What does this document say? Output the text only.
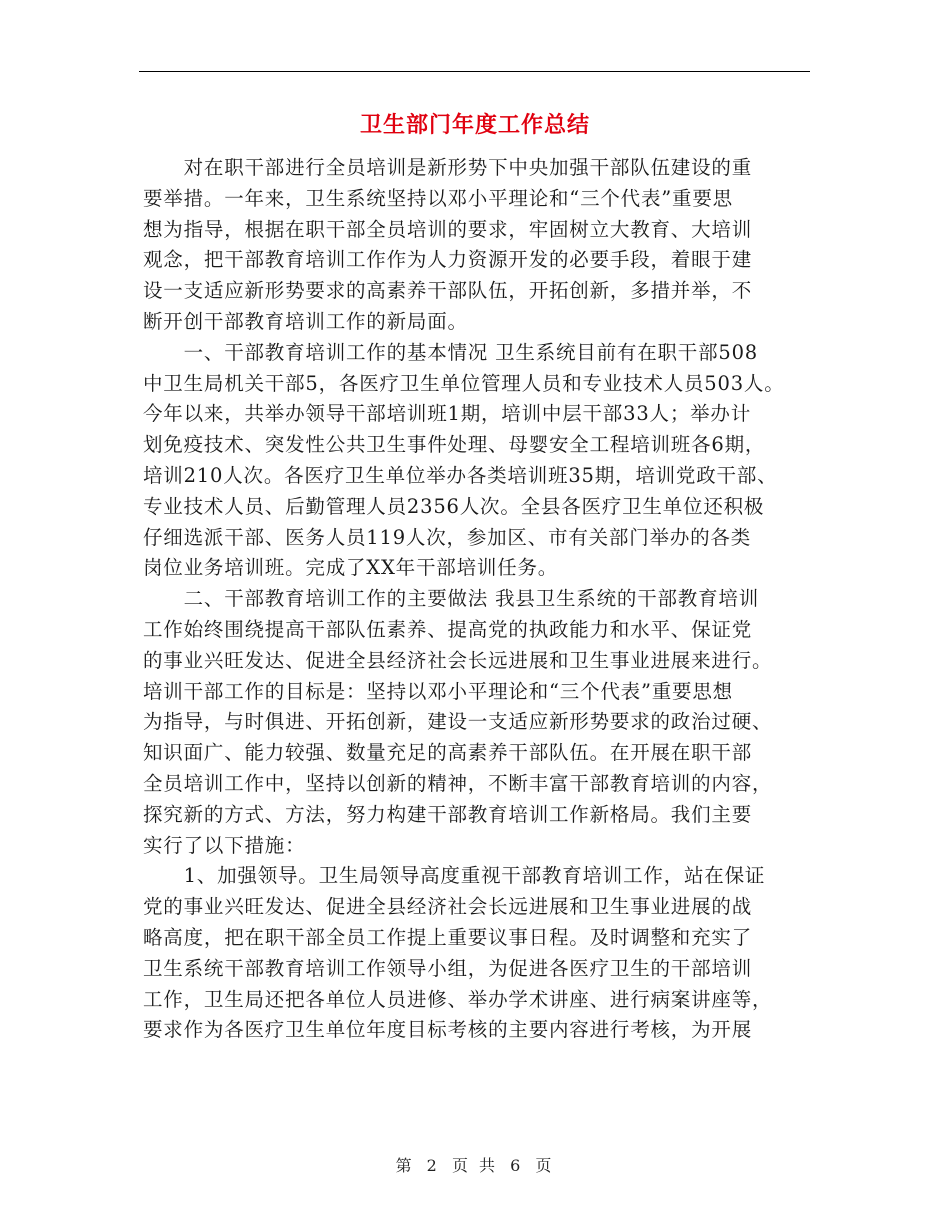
卫生部门年度工作总结
　　对在职干部进行全员培训是新形势下中央加强干部队伍建设的重
要举措。一年来，卫生系统坚持以邓小平理论和“三个代表”重要思
想为指导，根据在职干部全员培训的要求，牢固树立大教育、大培训
观念，把干部教育培训工作作为人力资源开发的必要手段，着眼于建
设一支适应新形势要求的高素养干部队伍，开拓创新，多措并举，不
断开创干部教育培训工作的新局面。
　　一、干部教育培训工作的基本情况 卫生系统目前有在职干部508
中卫生局机关干部5，各医疗卫生单位管理人员和专业技术人员503人。
今年以来，共举办领导干部培训班1期，培训中层干部33人；举办计
划免疫技术、突发性公共卫生事件处理、母婴安全工程培训班各6期，
培训210人次。各医疗卫生单位举办各类培训班35期，培训党政干部、
专业技术人员、后勤管理人员2356人次。全县各医疗卫生单位还积极
仔细选派干部、医务人员119人次，参加区、市有关部门举办的各类
岗位业务培训班。完成了XX年干部培训任务。
　　二、干部教育培训工作的主要做法 我县卫生系统的干部教育培训
工作始终围绕提高干部队伍素养、提高党的执政能力和水平、保证党
的事业兴旺发达、促进全县经济社会长远进展和卫生事业进展来进行。
培训干部工作的目标是：坚持以邓小平理论和“三个代表”重要思想
为指导，与时俱进、开拓创新，建设一支适应新形势要求的政治过硬、
知识面广、能力较强、数量充足的高素养干部队伍。在开展在职干部
全员培训工作中，坚持以创新的精神，不断丰富干部教育培训的内容，
探究新的方式、方法，努力构建干部教育培训工作新格局。我们主要
实行了以下措施：
　　1、加强领导。卫生局领导高度重视干部教育培训工作，站在保证
党的事业兴旺发达、促进全县经济社会长远进展和卫生事业进展的战
略高度，把在职干部全员工作提上重要议事日程。及时调整和充实了
卫生系统干部教育培训工作领导小组，为促进各医疗卫生的干部培训
工作，卫生局还把各单位人员进修、举办学术讲座、进行病案讲座等，
要求作为各医疗卫生单位年度目标考核的主要内容进行考核，为开展
第 2 页 共 6 页
